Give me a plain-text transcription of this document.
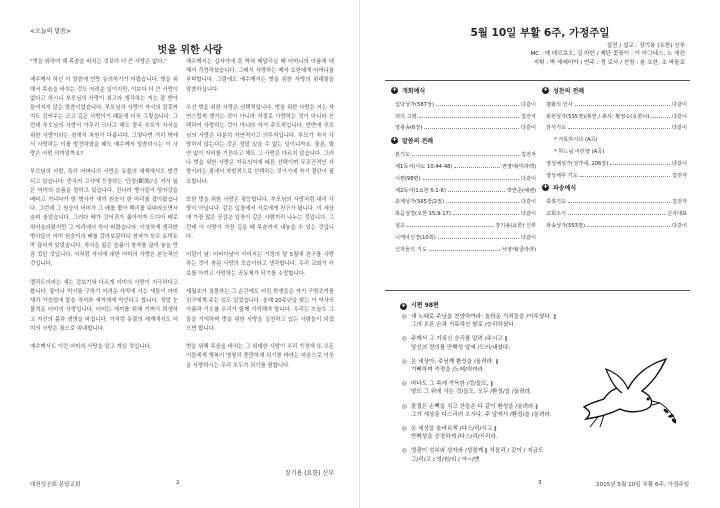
<오늘의 말씀>
벗을 위한 사랑

"벗을 위하여 제 목숨을 바치는 것보다 더 큰 사랑은 없다."

예수께서 하신 이 말씀에 언뜻 동의하기가 어렵습니다. 벗을 위해서 목숨을 바치는 것도 어려운 일이지만, 이보다 더 큰 사랑이 없다고 하시니 부모님의 사랑이 최고라 생각하는 저는 잘 받아들여지지 않는 말씀이었습니다. 부모님의 사랑이 자식의 잘못까지도 감싸주는 크고 깊은 사랑이기 때문에 더욱 그렇습니다. 그런데 부모님의 사랑이 아무리 크다고 해도 결국 부모가 자식을 위한 사랑이라는 점에서 차원이 다릅니다. 그렇다면 거리 밖에서 사랑하는 이를 발견하였을 때도 예수께서 말씀하시는 이 사랑은 어떤 의미일까요?

부모님의 사랑, 특히 어머니의 사랑은 동물의 세계에서도 발견되고 있습니다. 중국의 고사에 등장하는 '단장(斷腸)'은 자식 잃은 어미의 슬픔을 말하고 있습니다. 진나라 병사들이 양자강을 배타고 거니다가 한 병사가 새끼 원숭이 한 마리를 잡아왔습니다. 그런데 그 원숭이 어미가 그 배를 쫓아 백리를 뒤따라오면서 슬피 울었습니다. 그러다 배가 강어귀가 좁아지자 드디어 배로 뛰어올라왔지만 그 자리에서 죽어 버렸습니다. 이상하게 생각한 병사들이 어미 원숭이의 배를 갈라보았더니 창자가 모두 토막토막 끊어져 있었습니다. 자식을 잃은 슬픔이 창자를 끊어 놓을 만큼 컸던 것입니다. 이처럼 자식에 대한 어미의 사랑은 본능적인 것입니다.

멜리트이라는 새는 겉보기와 다르게 어미의 사랑이 지극하다고 합니다. 물이나 먹이를 구하기 어려운 사막에 사는 새들이 어미새가 가슴털에 물을 적셔와 새끼에게 먹인다고 합니다. 정말 눈물겨운 어미의 사랑입니다. 어미는 새끼를 위해 기꺼이 희생하고 자신의 몸과 생명을 바칩니다. 이처럼 동물의 세계에서도 어미의 사랑은 참으로 위대합니다.

예수께서도 이런 어미의 사랑을 알고 계실 것입니다.

예수께서는 십자가에 못 박혀 매달리실 때 어머니의 아픔에 대해서 걱정하셨습니다. 그래서 사랑하는 제자 요한에게 어머니를 부탁합니다. 그럼에도 예수께서는 벗을 위한 사랑의 위대함을 말씀하십니다.

우선 벗을 위한 사랑은 선택적입니다. 벗을 위한 사랑은 저는 자연스럽게 생기는 것이 아니라 저절로 사랑하는 것이 아니라 선택하여 사랑하는 것이 아니라 자기 주도적입니다. 반면에 부모님의 사랑은 다분히 자연적이고 의무적입니다. 부모가 자식 사랑하지 않는다는 것은 정말 있을 수 없는 일이니까요. 물론, 혈연 없이 자녀를 기른다고 해도 그 사랑은 다르지 않습니다. 그러나 벗을 위한 사랑은 자유의지에 따른 선택이며 무조건적인 사랑이라는 점에서 자발적으로 선택하는 것이기에 자기 결단이 필요합니다.

또한 벗을 위한 사랑은 평등합니다. 부모님의 사랑처럼 내리 사랑이 아닙니다. 같은 입장에서 서로에게 친구가 됩니다. 이 세상에 가장 많은 공감은 입장이 같은 사람끼리 나누는 것입니다. 그런데 이 사랑이 가장 깊을 때 목숨까지 내놓을 수 있는 것입니다.

어린이 날, 어버이날이 이어지는 가정의 달 5월에 친구를 사랑하는 것이 참된 사랑의 모습이라고 생각합니다. 우리 교회가 서로를 아끼고 사랑하는 공동체가 되기를 소망합니다.

세월호가 침몰하는 그 순간에도 어린 학생들은 자기 구명조끼를 친구에게 주는 일도 있었습니다. 올해 20주년을 맞는 이 역사의 아픔과 기도를 우리가 함께 기억해야 합니다. 우리는 오늘도 그들을 기억하며 벗을 위한 사랑을 실천하고 있는 사람들이 되었으면 합니다.

벗을 위해 목숨을 바치는 그 위대한 사랑이 우리 가정에 또 모든 이들에게 행복이 영원히 충만하게 되기를 바라는 마음으로 이웃을 사랑하시는 우리 모두가 되기를 원합니다.

장기용 (요한) 신부
대천성공회 분당교회	2
5월 10일 부활 6주, 가정주일
집전 / 설교 : 장기용 (요한) 신부
MC : 예 데모로오, 김 마틴 / 제단 꽃꽂이 : 이 아그네스, 노 에린
지휘 : 박 에레미야 / 반주 : 정 로사 / 선창 : 윤 요한, 조 바돌로
✚ 개회예식
입당성가(587장)	다같이
죄의 고백	집전자
영광송(6장)	다같이
✚ 말씀의 전례
본기도	집전자
제1독서(사도 10:44-48)	권영대(미라맥)
시편(98편)	다같이
제2독서(1요한 5:1-6)	박연준(헤렌)
층계성가(565장/2절)	다같이
복음성경(요한 15:9-17)	다같이
설교	장기용(요한) 신부
니케아신경(10쪽)	다같이
신자들의 기도	서영애(클라라)
✚ 성찬의 전례
평화의 인사	다같이
봉헌성가(535장)/봉헌 / 봉사: 황영숙(요한나)	다같이
감사기도	다같이
* 거룩하시다 (A곡)
* 하느님 어린양 (A곡)
영성체성가(성가대, 206장)	다같이
영성체후 기도	집전자
✚ 파송예식
축복기도	집전자
교회소식	신자대표
파송성가(553장)	다같이
✚ 시편 98편
◎ 새 노래로 주님을 찬양하여라: 놀라운 기적들을 /이루셨다. ‖
그의 오른 손과 거룩하신 팔로 /승리하셨다.
◎ 주께서 그 거룩신 승리를 알려 /주시고 ‖
당신의 정의를 만백성 앞에 /드러/내셨다.
◎ 온 세상아, 주님께 환성을 /올려라. ‖
기뻐하며 즉정을 /노래/하여라.
◎ 바다도 그 속에 가득한 /것/들도, ‖
땅도 그 위에 사는 것/들도, 모두 /환성/을 /올려라.
◎ 물결은 손뼉을 치고 산들은 다 같이 환성을 /올려라 ‖
그가 세상을 다스리러 오시나, 주 앞에서 /환성/을 /올려라.
◎ 온 세상을 올바르게 /다스/리/시고 ‖
만백성을 공정하게 /다스/리/시리라.
◎ 영광이 성부와 성자와 /성령께 ‖ 처음과 / 같이 / 지금도
그/리/고 / 영/원/히 / 아~/멘
3	2015년 5월 10일 부활 6주, 가정주일
